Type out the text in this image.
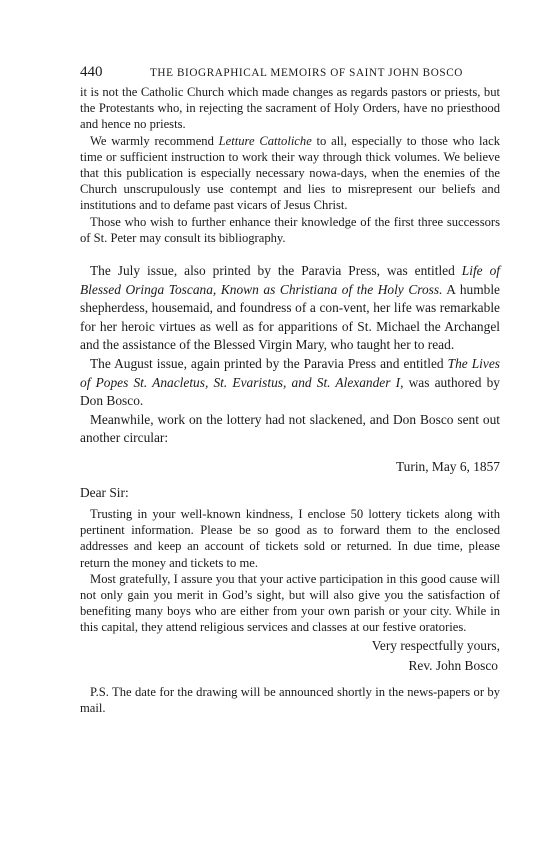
440	THE BIOGRAPHICAL MEMOIRS OF SAINT JOHN BOSCO

it is not the Catholic Church which made changes as regards pastors or priests, but the Protestants who, in rejecting the sacrament of Holy Orders, have no priesthood and hence no priests.

We warmly recommend Letture Cattoliche to all, especially to those who lack time or sufficient instruction to work their way through thick volumes. We believe that this publication is especially necessary nowa-days, when the enemies of the Church unscrupulously use contempt and lies to misrepresent our beliefs and institutions and to defame past vicars of Jesus Christ.

Those who wish to further enhance their knowledge of the first three successors of St. Peter may consult its bibliography.

The July issue, also printed by the Paravia Press, was entitled Life of Blessed Oringa Toscana, Known as Christiana of the Holy Cross. A humble shepherdess, housemaid, and foundress of a con-vent, her life was remarkable for her heroic virtues as well as for apparitions of St. Michael the Archangel and the assistance of the Blessed Virgin Mary, who taught her to read.

The August issue, again printed by the Paravia Press and entitled The Lives of Popes St. Anacletus, St. Evaristus, and St. Alexander I, was authored by Don Bosco.

Meanwhile, work on the lottery had not slackened, and Don Bosco sent out another circular:

Turin, May 6, 1857
Dear Sir:

Trusting in your well-known kindness, I enclose 50 lottery tickets along with pertinent information. Please be so good as to forward them to the enclosed addresses and keep an account of tickets sold or returned. In due time, please return the money and tickets to me.

Most gratefully, I assure you that your active participation in this good cause will not only gain you merit in God’s sight, but will also give you the satisfaction of benefiting many boys who are either from your own parish or your city. While in this capital, they attend religious services and classes at our festive oratories.

Very respectfully yours,
Rev. John Bosco

P.S. The date for the drawing will be announced shortly in the news-papers or by mail.
